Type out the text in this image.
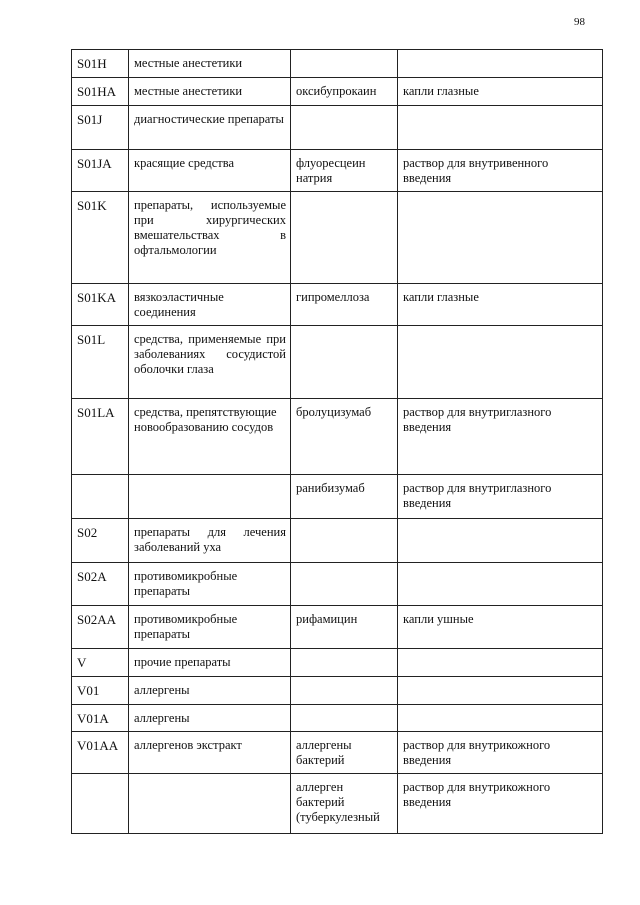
98
S01H	местные анестетики		
S01HA	местные анестетики	оксибупрокаин	капли глазные
S01J	диагностические препараты		
S01JA	красящие средства	флуоресцеин натрия	раствор для внутривенного введения
S01K	препараты, используемые при хирургических вмешательствах в офтальмологии		
S01KA	вязкоэластичные соединения	гипромеллоза	капли глазные
S01L	средства, применяемые при заболеваниях сосудистой оболочки глаза		
S01LA	средства, препятствующие новообразованию сосудов	бролуцизумаб	раствор для внутриглазного введения
		ранибизумаб	раствор для внутриглазного введения
S02	препараты для лечения заболеваний уха		
S02A	противомикробные препараты		
S02AA	противомикробные препараты	рифамицин	капли ушные
V	прочие препараты		
V01	аллергены		
V01A	аллергены		
V01AA	аллергенов экстракт	аллергены бактерий	раствор для внутрикожного введения
		аллерген бактерий (туберкулезный	раствор для внутрикожного введения
